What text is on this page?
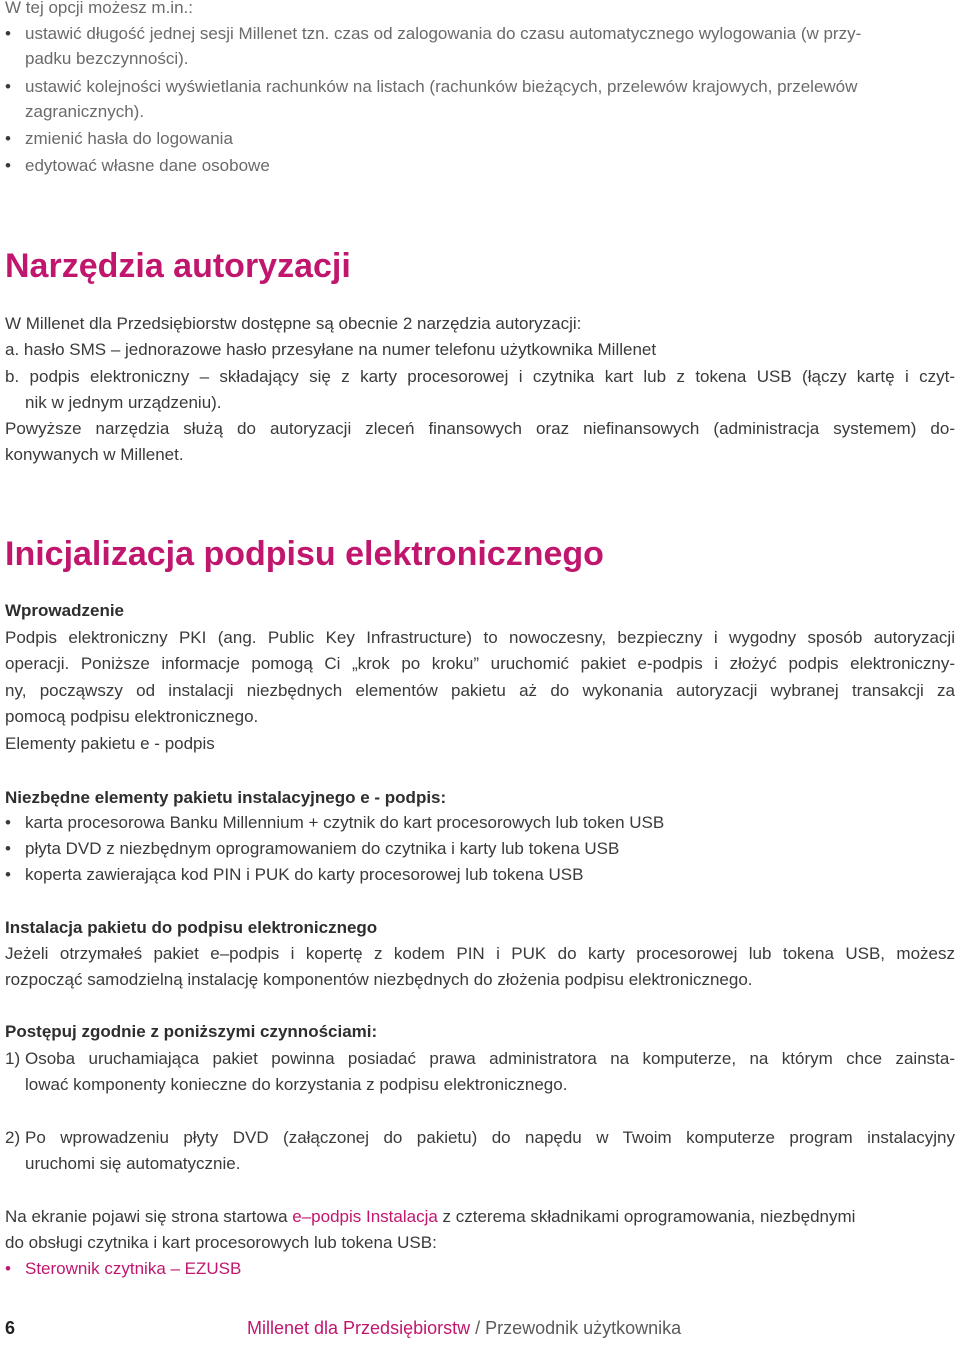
W tej opcji możesz m.in.:
• ustawić długość jednej sesji Millenet tzn. czas od zalogowania do czasu automatycznego wylogowania (w przy-
padku bezczynności).
• ustawić kolejności wyświetlania rachunków na listach (rachunków bieżących, przelewów krajowych, przelewów
zagranicznych).
• zmienić hasła do logowania
• edytować własne dane osobowe
Narzędzia autoryzacji
W Millenet dla Przedsiębiorstw dostępne są obecnie 2 narzędzia autoryzacji:
a. hasło SMS – jednorazowe hasło przesyłane na numer telefonu użytkownika Millenet
b. podpis elektroniczny – składający się z karty procesorowej i czytnika kart lub z tokena USB (łączy kartę i czyt-
nik w jednym urządzeniu).
Powyższe narzędzia służą do autoryzacji zleceń finansowych oraz niefinansowych (administracja systemem) do-
konywanych w Millenet.
Inicjalizacja podpisu elektronicznego
Wprowadzenie
Podpis elektroniczny PKI (ang. Public Key Infrastructure) to nowoczesny, bezpieczny i wygodny sposób autoryzacji
operacji. Poniższe informacje pomogą Ci „krok po kroku” uruchomić pakiet e-podpis i złożyć podpis elektroniczny-
ny, począwszy od instalacji niezbędnych elementów pakietu aż do wykonania autoryzacji wybranej transakcji za
pomocą podpisu elektronicznego.
Elementy pakietu e - podpis
Niezbędne elementy pakietu instalacyjnego e - podpis:
• karta procesorowa Banku Millennium + czytnik do kart procesorowych lub token USB
• płyta DVD z niezbędnym oprogramowaniem do czytnika i karty lub tokena USB
• koperta zawierająca kod PIN i PUK do karty procesorowej lub tokena USB
Instalacja pakietu do podpisu elektronicznego
Jeżeli otrzymałeś pakiet e–podpis i kopertę z kodem PIN i PUK do karty procesorowej lub tokena USB, możesz
rozpocząć samodzielną instalację komponentów niezbędnych do złożenia podpisu elektronicznego.
Postępuj zgodnie z poniższymi czynnościami:
1) Osoba uruchamiająca pakiet powinna posiadać prawa administratora na komputerze, na którym chce zainsta-
lować komponenty konieczne do korzystania z podpisu elektronicznego.
2) Po wprowadzeniu płyty DVD (załączonej do pakietu) do napędu w Twoim komputerze program instalacyjny
uruchomi się automatycznie.
Na ekranie pojawi się strona startowa e–podpis Instalacja z czterema składnikami oprogramowania, niezbędnymi
do obsługi czytnika i kart procesorowych lub tokena USB:
• Sterownik czytnika – EZUSB
6	Millenet dla Przedsiębiorstw / Przewodnik użytkownika
